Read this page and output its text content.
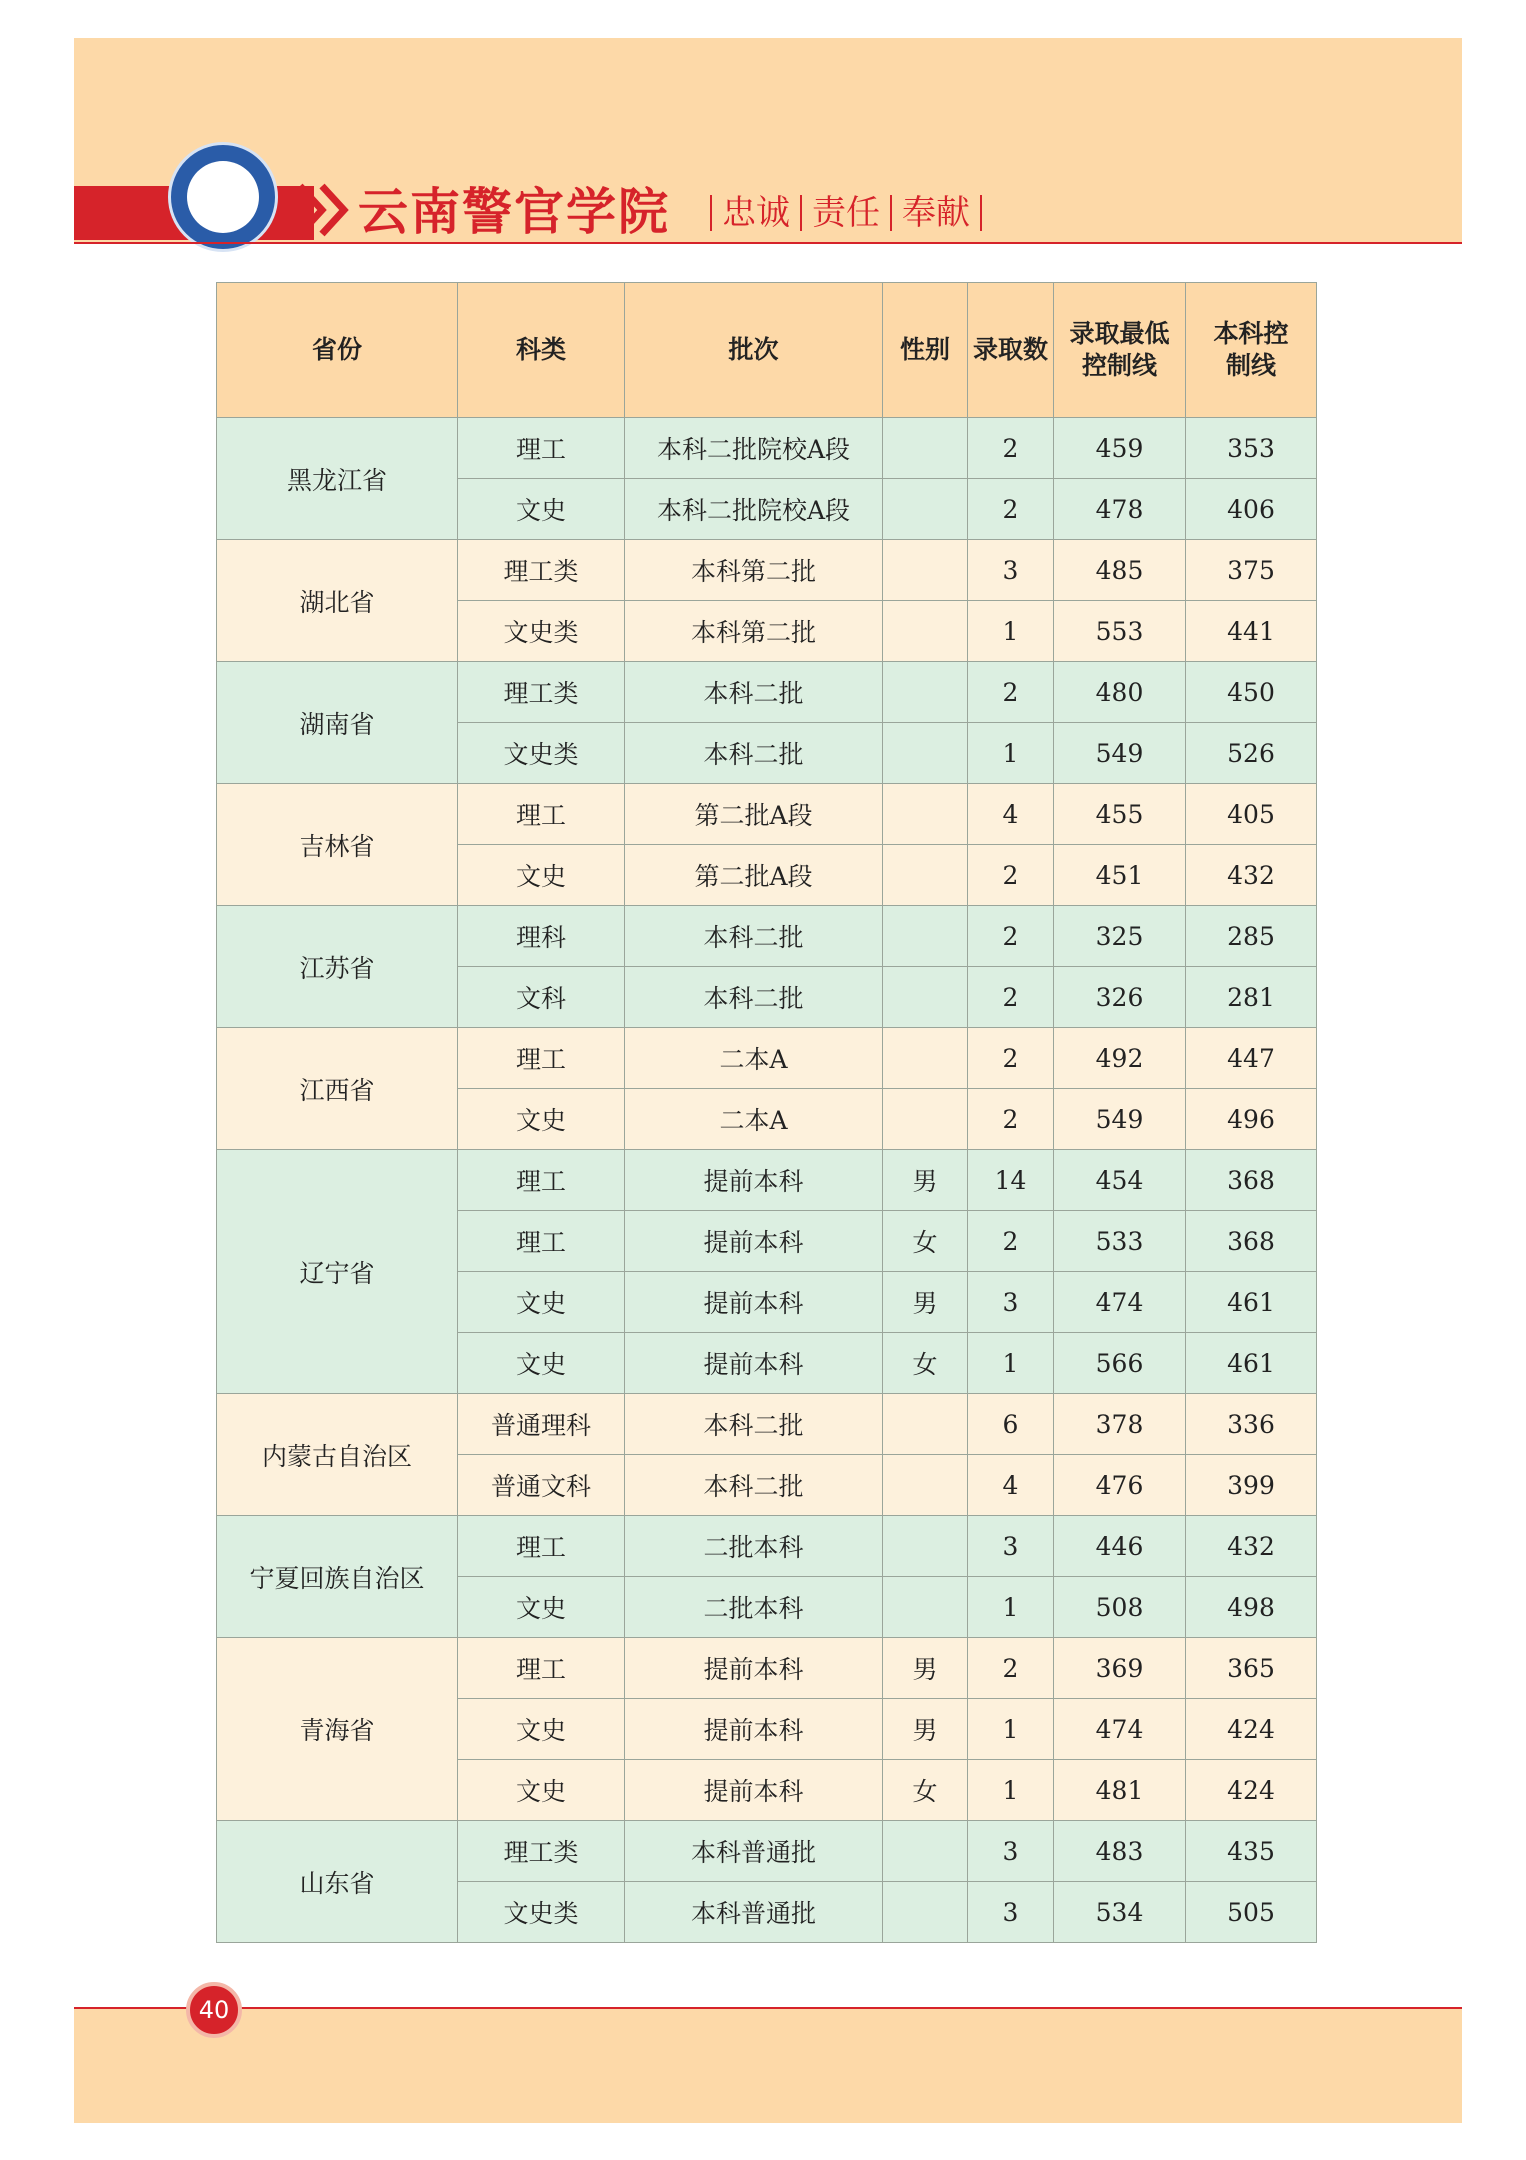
云南警官学院 忠诚 责任 奉献
省份	科类	批次	性别	录取数	录取最低控制线	本科控制线
黑龙江省	理工	本科二批院校A段		2	459	353
	文史	本科二批院校A段		2	478	406
湖北省	理工类	本科第二批		3	485	375
	文史类	本科第二批		1	553	441
湖南省	理工类	本科二批		2	480	450
	文史类	本科二批		1	549	526
吉林省	理工	第二批A段		4	455	405
	文史	第二批A段		2	451	432
江苏省	理科	本科二批		2	325	285
	文科	本科二批		2	326	281
江西省	理工	二本A		2	492	447
	文史	二本A		2	549	496
辽宁省	理工	提前本科	男	14	454	368
	理工	提前本科	女	2	533	368
	文史	提前本科	男	3	474	461
	文史	提前本科	女	1	566	461
内蒙古自治区	普通理科	本科二批		6	378	336
	普通文科	本科二批		4	476	399
宁夏回族自治区	理工	二批本科		3	446	432
	文史	二批本科		1	508	498
青海省	理工	提前本科	男	2	369	365
	文史	提前本科	男	1	474	424
	文史	提前本科	女	1	481	424
山东省	理工类	本科普通批		3	483	435
	文史类	本科普通批		3	534	505
40
